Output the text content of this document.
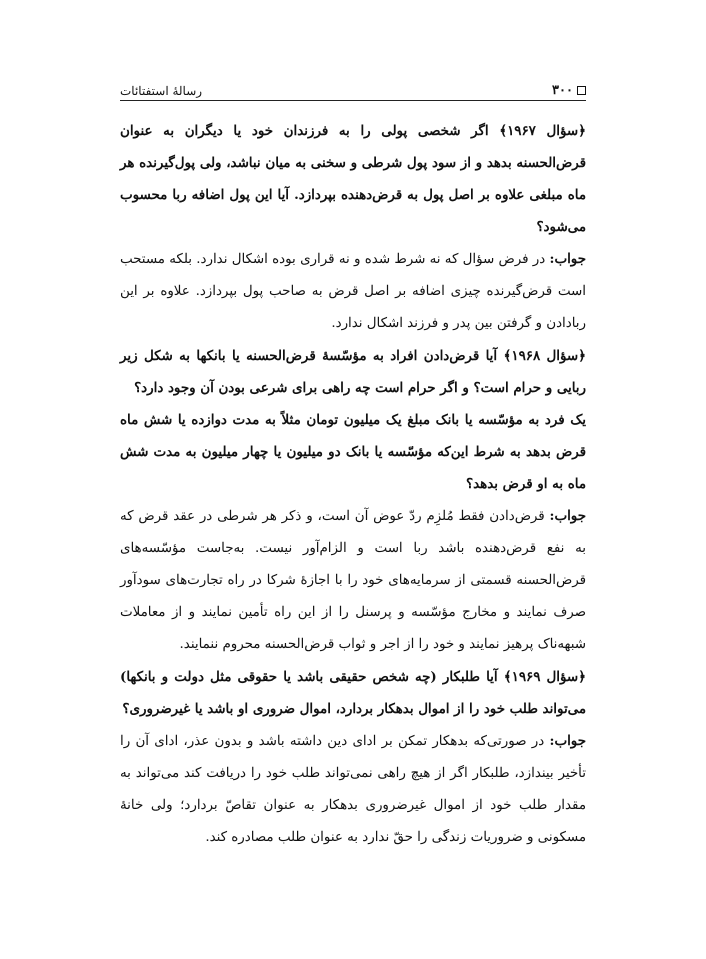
۳۰۰
رسالهٔ استفتائات

﴿سؤال ۱۹۶۷﴾ اگر شخصی پولی را به فرزندان خود یا دیگران به عنوان قرض‌الحسنه بدهد و از سود پول شرطی و سخنی به میان نباشد، ولی پول‌گیرنده هر ماه مبلغی علاوه بر اصل پول به قرض‌دهنده بپردازد. آیا این پول اضافه ربا محسوب می‌شود؟

جواب: در فرض سؤال که نه شرط شده و نه قراری بوده اشکال ندارد. بلکه مستحب است قرض‌گیرنده چیزی اضافه بر اصل قرض به صاحب پول بپردازد. علاوه بر این ربادادن و گرفتن بین پدر و فرزند اشکال ندارد.

﴿سؤال ۱۹۶۸﴾ آیا قرض‌دادن افراد به مؤسّسهٔ قرض‌الحسنه یا بانکها به شکل زیر ربایی و حرام است؟ و اگر حرام است چه راهی برای شرعی بودن آن وجود دارد؟

یک فرد به مؤسّسه یا بانک مبلغ یک میلیون تومان مثلاً به مدت دوازده یا شش ماه قرض بدهد به شرط این‌که مؤسّسه یا بانک دو میلیون یا چهار میلیون به مدت شش ماه به او قرض بدهد؟

جواب: قرض‌دادن فقط مُلزِم ردّ عوض آن است، و ذکر هر شرطی در عقد قرض که به نفع قرض‌دهنده باشد ربا است و الزام‌آور نیست. به‌جاست مؤسّسه‌های قرض‌الحسنه قسمتی از سرمایه‌های خود را با اجازهٔ شرکا در راه تجارت‌های سودآور صرف نمایند و مخارج مؤسّسه و پرسنل را از این راه تأمین نمایند و از معاملات شبهه‌ناک پرهیز نمایند و خود را از اجر و ثواب قرض‌الحسنه محروم ننمایند.

﴿سؤال ۱۹۶۹﴾ آیا طلبکار (چه شخص حقیقی باشد یا حقوقی مثل دولت و بانکها) می‌تواند طلب خود را از اموال بدهکار بردارد، اموال ضروری او باشد یا غیرضروری؟

جواب: در صورتی‌که بدهکار تمکن بر ادای دین داشته باشد و بدون عذر، ادای آن را تأخیر بیندازد، طلبکار اگر از هیچ راهی نمی‌تواند طلب خود را دریافت کند می‌تواند به مقدار طلب خود از اموال غیرضروری بدهکار به عنوان تقاصّ بردارد؛ ولی خانهٔ مسکونی و ضروریات زندگی را حقّ ندارد به عنوان طلب مصادره کند.
